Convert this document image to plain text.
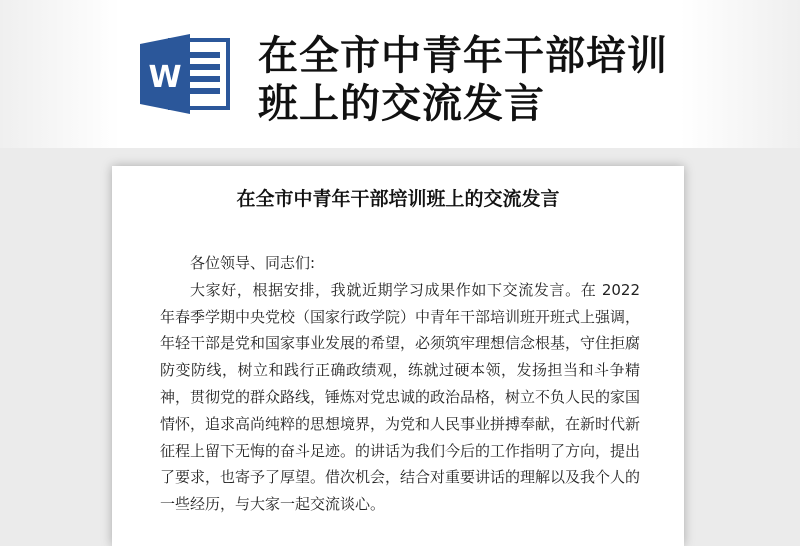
W 在全市中青年干部培训班上的交流发言
在全市中青年干部培训班上的交流发言

各位领导、同志们:

大家好，根据安排，我就近期学习成果作如下交流发言。在 2022 年春季学期中央党校（国家行政学院）中青年干部培训班开班式上强调，年轻干部是党和国家事业发展的希望，必须筑牢理想信念根基，守住拒腐防变防线，树立和践行正确政绩观，练就过硬本领，发扬担当和斗争精神，贯彻党的群众路线，锤炼对党忠诚的政治品格，树立不负人民的家国情怀，追求高尚纯粹的思想境界，为党和人民事业拼搏奉献，在新时代新征程上留下无悔的奋斗足迹。的讲话为我们今后的工作指明了方向，提出了要求，也寄予了厚望。借次机会，结合对重要讲话的理解以及我个人的一些经历，与大家一起交流谈心。
